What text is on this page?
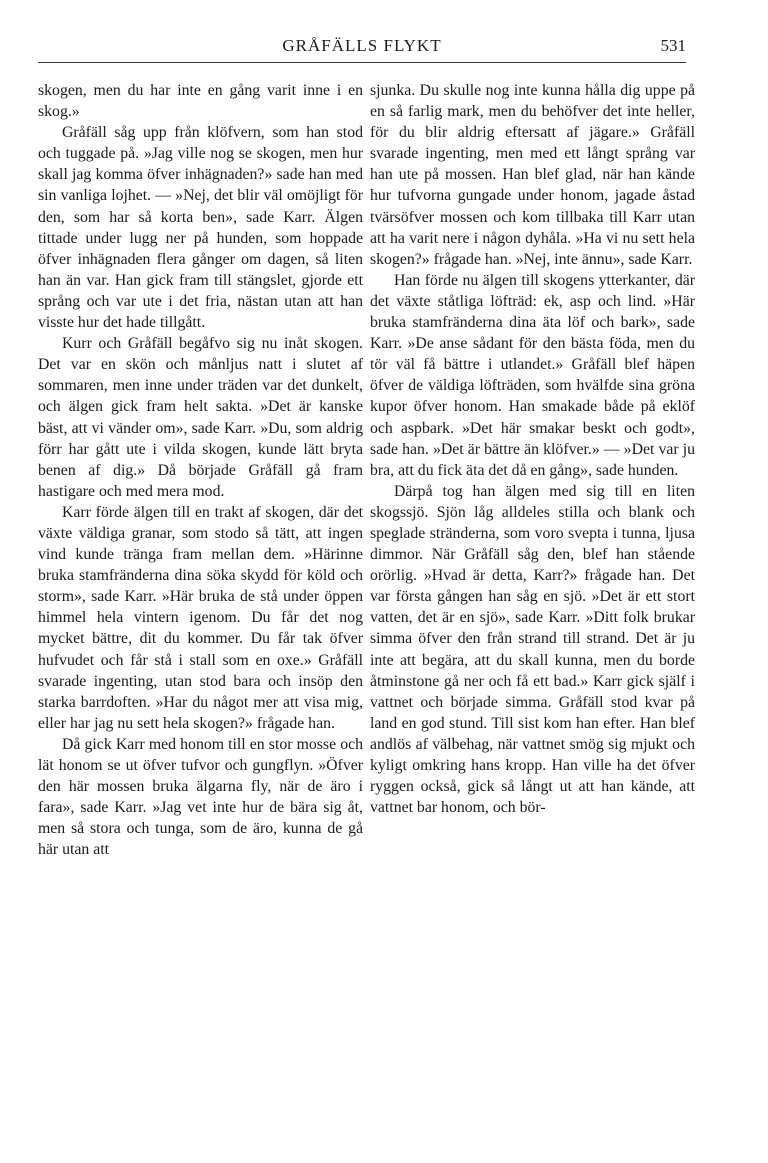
GRÅFÄLLS FLYKT	531

skogen, men du har inte en gång varit inne i en skog.»

Gråfäll såg upp från klöfvern, som han stod och tuggade på. »Jag ville nog se skogen, men hur skall jag komma öfver inhägnaden?» sade han med sin vanliga lojhet. — »Nej, det blir väl omöjligt för den, som har så korta ben», sade Karr. Älgen tittade under lugg ner på hunden, som hoppade öfver inhägnaden flera gånger om dagen, så liten han än var. Han gick fram till stängslet, gjorde ett språng och var ute i det fria, nästan utan att han visste hur det hade tillgått.

Kurr och Gråfäll begåfvo sig nu inåt skogen. Det var en skön och månljus natt i slutet af sommaren, men inne under träden var det dunkelt, och älgen gick fram helt sakta. »Det är kanske bäst, att vi vänder om», sade Karr. »Du, som aldrig förr har gått ute i vilda skogen, kunde lätt bryta benen af dig.» Då började Gråfäll gå fram hastigare och med mera mod.

Karr förde älgen till en trakt af skogen, där det växte väldiga granar, som stodo så tätt, att ingen vind kunde tränga fram mellan dem. »Härinne bruka stamfränderna dina söka skydd för köld och storm», sade Karr. »Här bruka de stå under öppen himmel hela vintern igenom. Du får det nog mycket bättre, dit du kommer. Du får tak öfver hufvudet och får stå i stall som en oxe.» Gråfäll svarade ingenting, utan stod bara och insöp den starka barrdoften. »Har du något mer att visa mig, eller har jag nu sett hela skogen?» frågade han.

Då gick Karr med honom till en stor mosse och lät honom se ut öfver tufvor och gungflyn. »Öfver den här mossen bruka älgarna fly, när de äro i fara», sade Karr. »Jag vet inte hur de bära sig åt, men så stora och tunga, som de äro, kunna de gå här utan att

sjunka. Du skulle nog inte kunna hålla dig uppe på en så farlig mark, men du behöfver det inte heller, för du blir aldrig eftersatt af jägare.» Gråfäll svarade ingenting, men med ett långt språng var han ute på mossen. Han blef glad, när han kände hur tufvorna gungade under honom, jagade åstad tvärsöfver mossen och kom tillbaka till Karr utan att ha varit nere i någon dyhåla. »Ha vi nu sett hela skogen?» frågade han. »Nej, inte ännu», sade Karr.

Han förde nu älgen till skogens ytterkanter, där det växte ståtliga löfträd: ek, asp och lind. »Här bruka stamfränderna dina äta löf och bark», sade Karr. »De anse sådant för den bästa föda, men du tör väl få bättre i utlandet.» Gråfäll blef häpen öfver de väldiga löfträden, som hvälfde sina gröna kupor öfver honom. Han smakade både på eklöf och aspbark. »Det här smakar beskt och godt», sade han. »Det är bättre än klöfver.» — »Det var ju bra, att du fick äta det då en gång», sade hunden.

Därpå tog han älgen med sig till en liten skogssjö. Sjön låg alldeles stilla och blank och speglade stränderna, som voro svepta i tunna, ljusa dimmor. När Gråfäll såg den, blef han stående orörlig. »Hvad är detta, Karr?» frågade han. Det var första gången han såg en sjö. »Det är ett stort vatten, det är en sjö», sade Karr. »Ditt folk brukar simma öfver den från strand till strand. Det är ju inte att begära, att du skall kunna, men du borde åtminstone gå ner och få ett bad.» Karr gick själf i vattnet och började simma. Gråfäll stod kvar på land en god stund. Till sist kom han efter. Han blef andlös af välbehag, när vattnet smög sig mjukt och kyligt omkring hans kropp. Han ville ha det öfver ryggen också, gick så långt ut att han kände, att vattnet bar honom, och bör-
